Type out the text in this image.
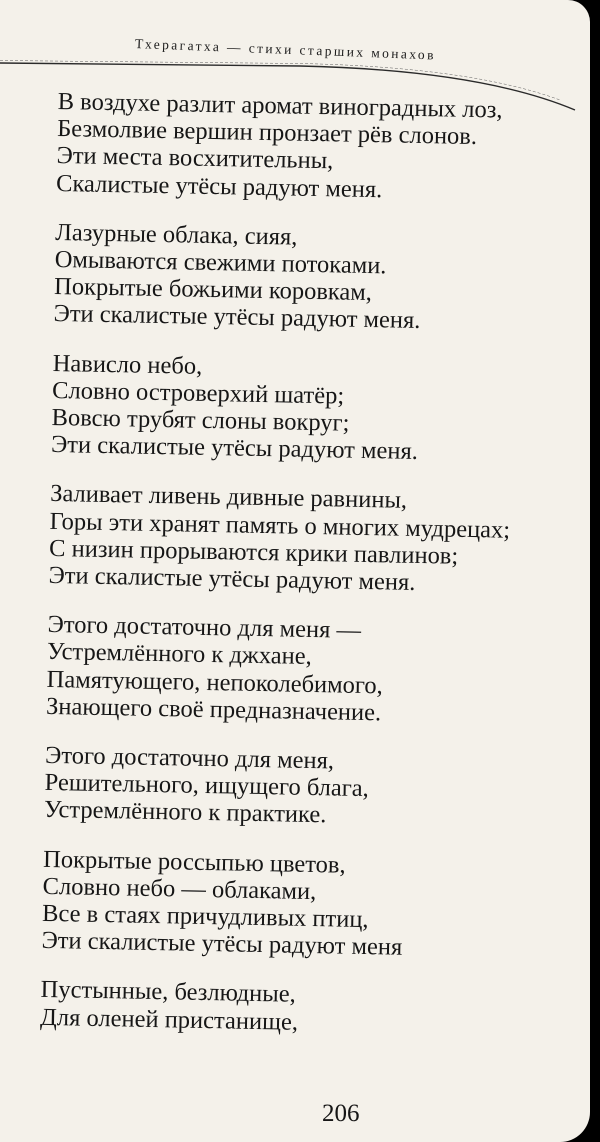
Тхерагатха — стихи старших монахов
В воздухе разлит аромат виноградных лоз,
Безмолвие вершин пронзает рёв слонов.
Эти места восхитительны,
Скалистые утёсы радуют меня.
Лазурные облака, сияя,
Омываются свежими потоками.
Покрытые божьими коровкам,
Эти скалистые утёсы радуют меня.
Нависло небо,
Словно островерхий шатёр;
Вовсю трубят слоны вокруг;
Эти скалистые утёсы радуют меня.
Заливает ливень дивные равнины,
Горы эти хранят память о многих мудрецах;
С низин прорываются крики павлинов;
Эти скалистые утёсы радуют меня.
Этого достаточно для меня —
Устремлённого к джхане,
Памятующего, непоколебимого,
Знающего своё предназначение.
Этого достаточно для меня,
Решительного, ищущего блага,
Устремлённого к практике.
Покрытые россыпью цветов,
Словно небо — облаками,
Все в стаях причудливых птиц,
Эти скалистые утёсы радуют меня
Пустынные, безлюдные,
Для оленей пристанище,
206
